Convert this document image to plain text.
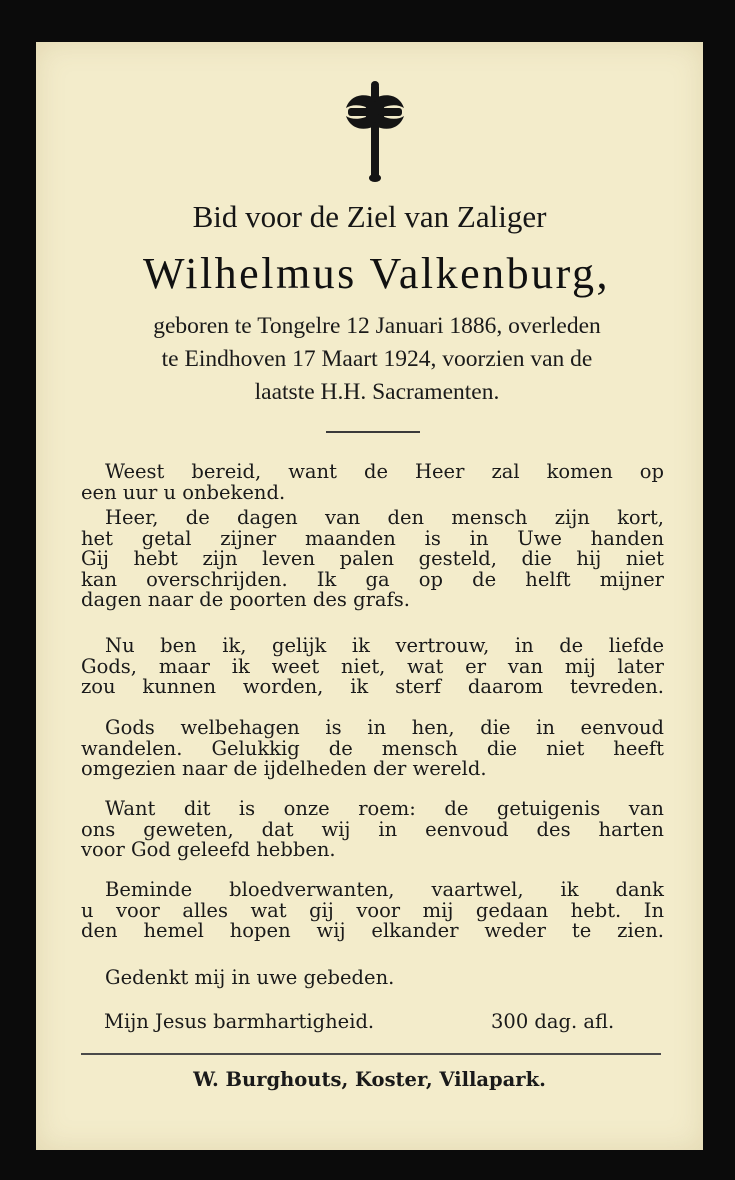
Bid voor de Ziel van Zaliger
Wilhelmus Valkenburg,
geboren te Tongelre 12 Januari 1886, overleden
te Eindhoven 17 Maart 1924, voorzien van de
laatste H.H. Sacramenten.
Weest bereid, want de Heer zal komen op
een uur u onbekend.
Heer, de dagen van den mensch zijn kort,
het getal zijner maanden is in Uwe handen
Gij hebt zijn leven palen gesteld, die hij niet
kan overschrijden. Ik ga op de helft mijner
dagen naar de poorten des grafs.
Nu ben ik, gelijk ik vertrouw, in de liefde
Gods, maar ik weet niet, wat er van mij later
zou kunnen worden, ik sterf daarom tevreden.
Gods welbehagen is in hen, die in eenvoud
wandelen. Gelukkig de mensch die niet heeft
omgezien naar de ijdelheden der wereld.
Want dit is onze roem: de getuigenis van
ons geweten, dat wij in eenvoud des harten
voor God geleefd hebben.
Beminde bloedverwanten, vaartwel, ik dank
u voor alles wat gij voor mij gedaan hebt. In
den hemel hopen wij elkander weder te zien.
Gedenkt mij in uwe gebeden.
Mijn Jesus barmhartigheid.	300 dag. afl.
W. Burghouts, Koster, Villapark.
